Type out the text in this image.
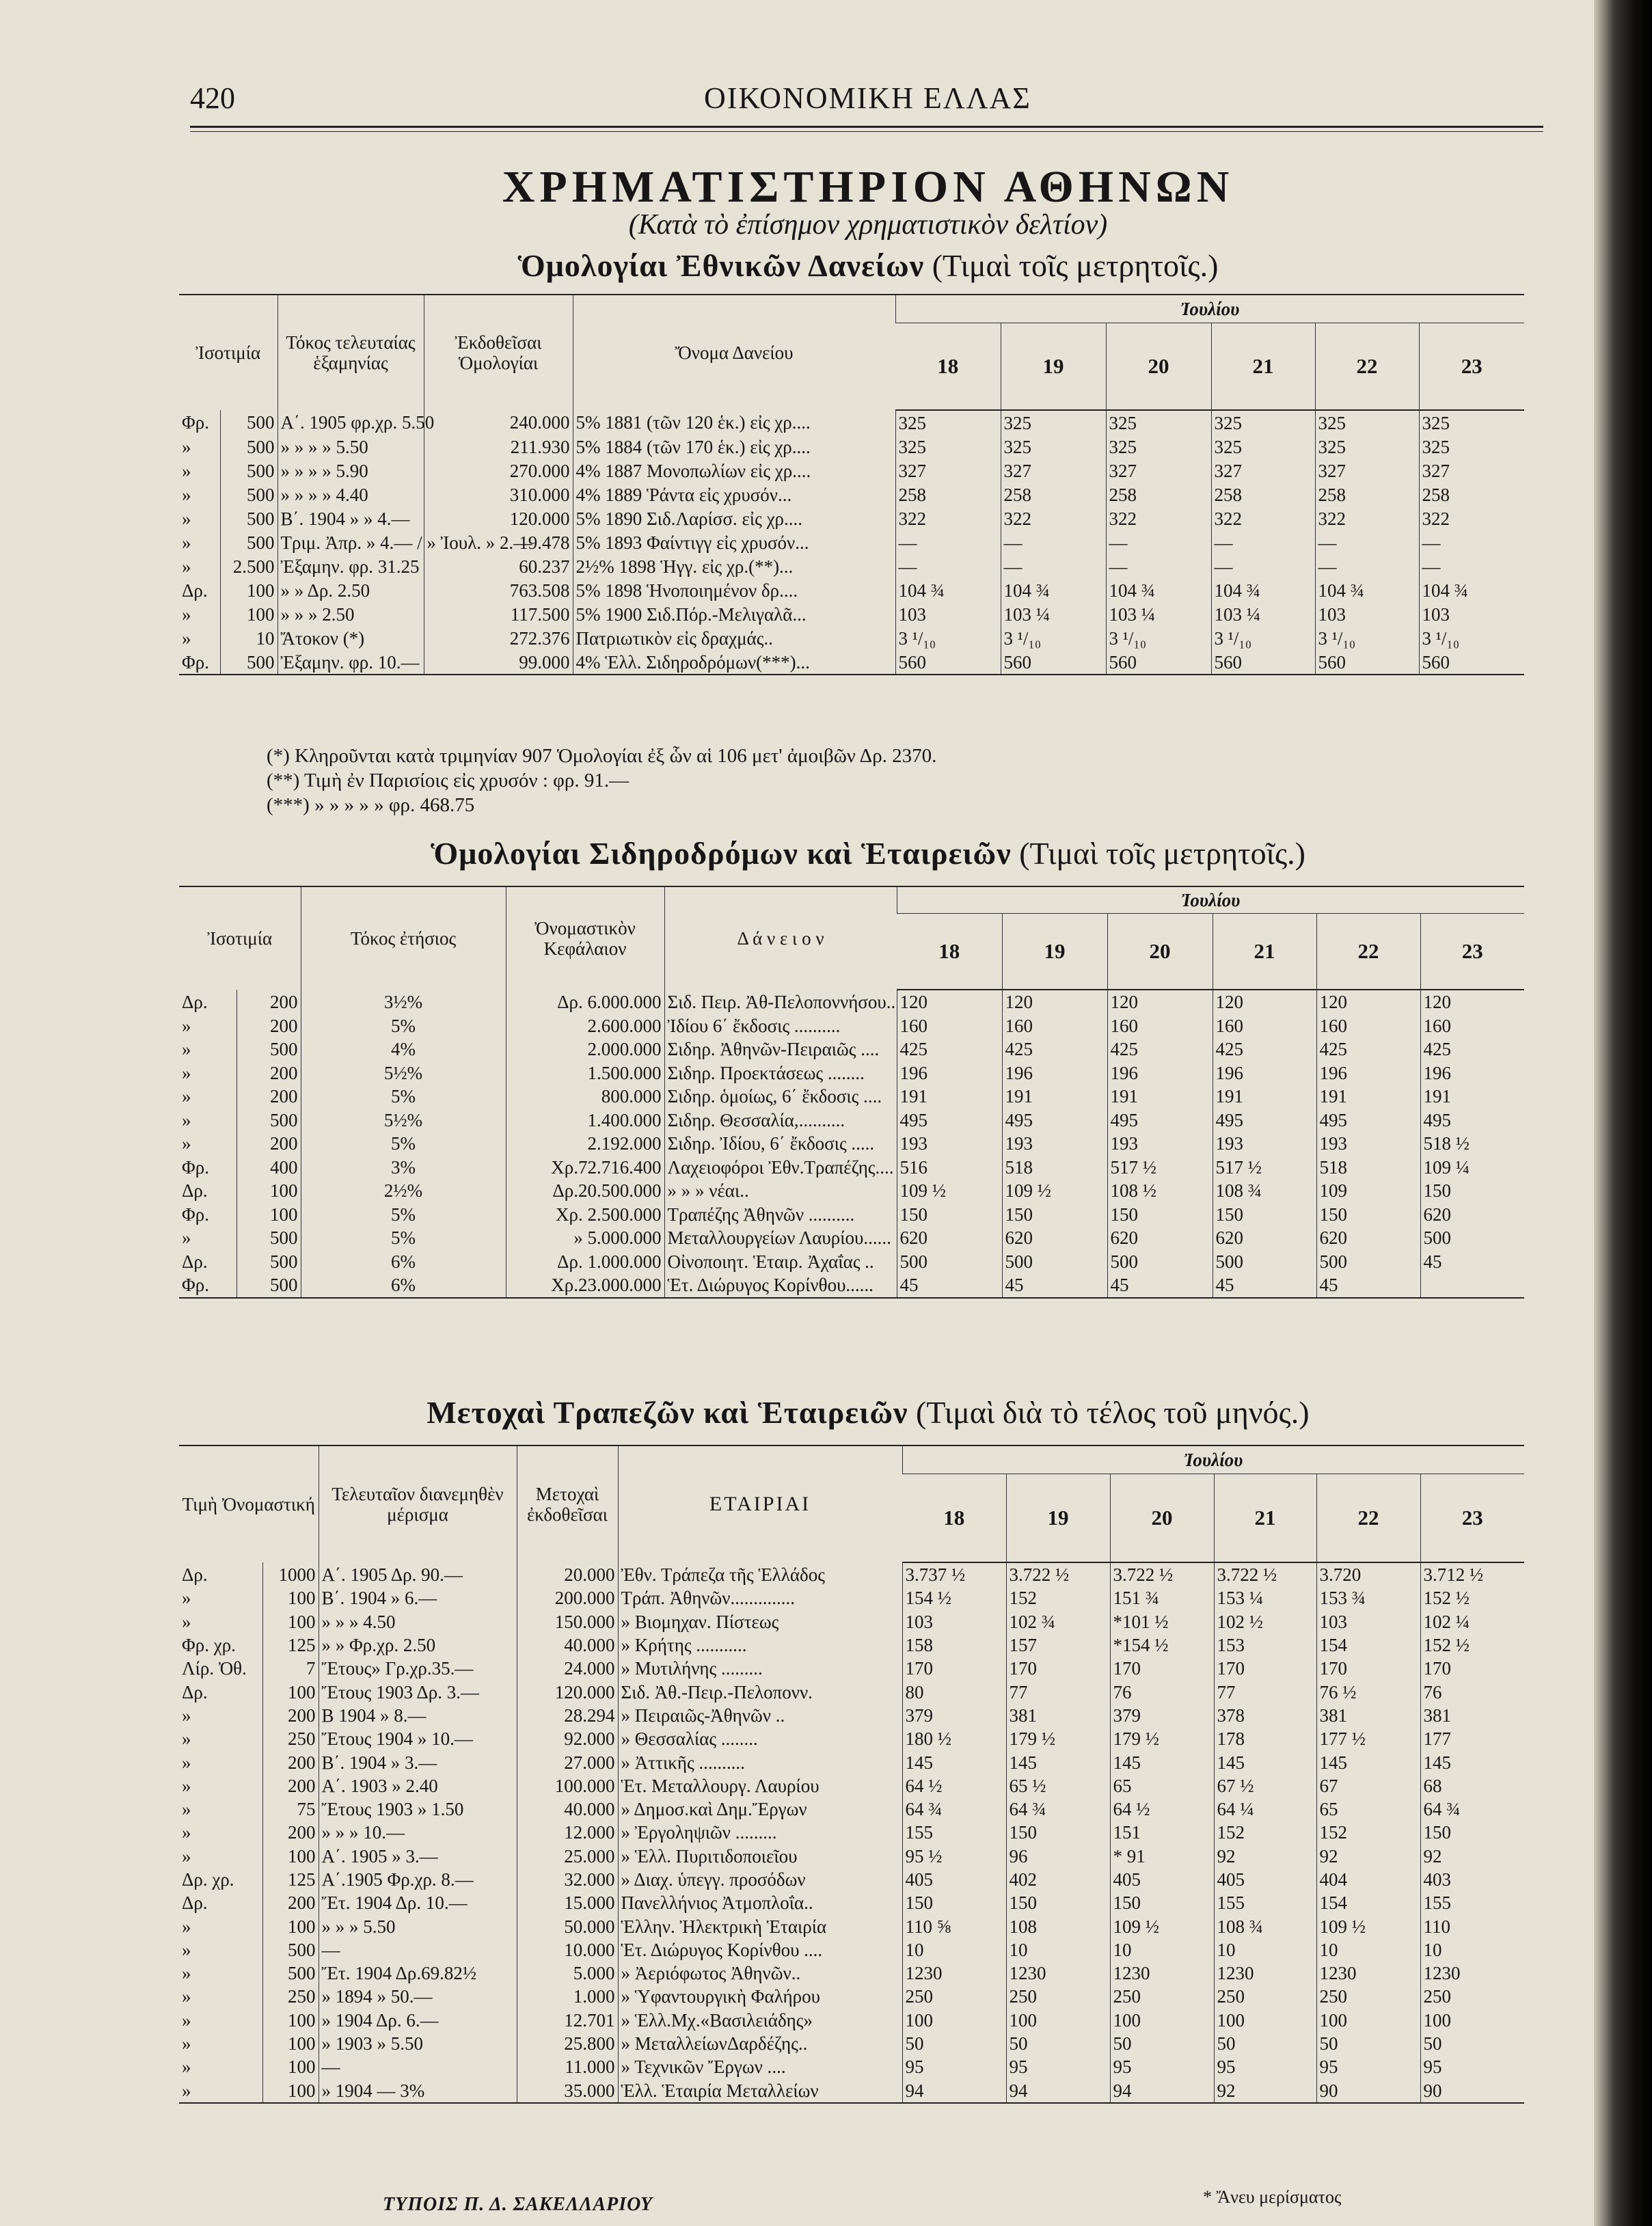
420	ΟΙΚΟΝΟΜΙΚΗ ΕΛΛΑΣ
ΧΡΗΜΑΤΙΣΤΗΡΙΟΝ ΑΘΗΝΩΝ
(Κατὰ τὸ ἐπίσημον χρηματιστικὸν δελτίον)
Ὁμολογίαι Ἐθνικῶν Δανείων (Τιμαὶ τοῖς μετρητοῖς.)
Ἰσοτιμία		Τόκος τελευταίας ἑξαμηνίας	Ἐκδοθεῖσαι Ὁμολογίαι	Ὄνομα Δανείου	Ἰουλίου					
					18	19	20	21	22	23
Φρ.	500	Α΄. 1905 φρ.χρ. 5.50	240.000	5% 1881 (τῶν 120 ἑκ.) εἰς χρ....	325	325	325	325	325	325
»	500	» » » » 5.50	211.930	5% 1884 (τῶν 170 ἑκ.) εἰς χρ....	325	325	325	325	325	325
»	500	» » » » 5.90	270.000	4% 1887 Μονοπωλίων εἰς χρ....	327	327	327	327	327	327
»	500	» » » » 4.40	310.000	4% 1889 Ῥάντα εἰς χρυσόν...	258	258	258	258	258	258
»	500	Β΄. 1904 » » 4.—	120.000	5% 1890 Σιδ.Λαρίσσ. εἰς χρ....	322	322	322	322	322	322
»	500	Τριμ. Ἀπρ. » 4.— / » Ἰουλ. » 2.—	19.478	5% 1893 Φαίντιγγ εἰς χρυσόν...	—	—	—	—	—	—
»	2.500	Ἐξαμην. φρ. 31.25	60.237	2½% 1898 Ἡγγ. εἰς χρ.(**)...	—	—	—	—	—	—
Δρ.	100	» » Δρ. 2.50	763.508	5% 1898 Ἡνοποιημένον δρ....	104 ¾	104 ¾	104 ¾	104 ¾	104 ¾	104 ¾
»	100	» » » 2.50	117.500	5% 1900 Σιδ.Πόρ.-Μελιγαλᾶ...	103	103 ¼	103 ¼	103 ¼	103	103
»	10	Ἄτοκον (*)	272.376	Πατριωτικὸν εἰς δραχμάς..	3 ¹/₁₀	3 ¹/₁₀	3 ¹/₁₀	3 ¹/₁₀	3 ¹/₁₀	3 ¹/₁₀
Φρ.	500	Ἐξαμην. φρ. 10.—	99.000	4% Ἑλλ. Σιδηροδρόμων(***)...	560	560	560	560	560	560
(*) Κληροῦνται κατὰ τριμηνίαν 907 Ὁμολογίαι ἐξ ὧν αἱ 106 μετ' ἀμοιβῶν Δρ. 2370.
(**) Τιμὴ ἐν Παρισίοις εἰς χρυσόν : φρ. 91.—
(***) » » » » » φρ. 468.75
Ὁμολογίαι Σιδηροδρόμων καὶ Ἑταιρειῶν (Τιμαὶ τοῖς μετρητοῖς.)
Ἰσοτιμία		Τόκος ἐτήσιος	Ὀνομαστικὸν Κεφάλαιον	Δ ά ν ε ι ο ν	Ἰουλίου					
					18	19	20	21	22	23
Δρ.	200	3½%	Δρ. 6.000.000	Σιδ. Πειρ. Ἀθ-Πελοποννήσου..	120	120	120	120	120	120
»	200	5%	2.600.000	Ἰδίου 6΄ ἔκδοσις ..........	160	160	160	160	160	160
»	500	4%	2.000.000	Σιδηρ. Ἀθηνῶν-Πειραιῶς ....	425	425	425	425	425	425
»	200	5½%	1.500.000	Σιδηρ. Προεκτάσεως ........	196	196	196	196	196	196
»	200	5%	800.000	Σιδηρ. ὁμοίως, 6΄ ἔκδοσις ....	191	191	191	191	191	191
»	500	5½%	1.400.000	Σιδηρ. Θεσσαλία,..........	495	495	495	495	495	495
»	200	5%	2.192.000	Σιδηρ. Ἰδίου, 6΄ ἔκδοσις .....	193	193	193	193	193	518 ½
Φρ.	400	3%	Χρ.72.716.400	Λαχειοφόροι Ἐθν.Τραπέζης....	516	518	517 ½	517 ½	518	109 ¼
Δρ.	100	2½%	Δρ.20.500.000	» » » νέαι..	109 ½	109 ½	108 ½	108 ¾	109	150
Φρ.	100	5%	Χρ. 2.500.000	Τραπέζης Ἀθηνῶν ..........	150	150	150	150	150	620
»	500	5%	» 5.000.000	Μεταλλουργείων Λαυρίου......	620	620	620	620	620	500
Δρ.	500	6%	Δρ. 1.000.000	Οἰνοποιητ. Ἑταιρ. Ἀχαΐας ..	500	500	500	500	500	45
Φρ.	500	6%	Χρ.23.000.000	Ἑτ. Διώρυγος Κορίνθου......	45	45	45	45	45	
Μετοχαὶ Τραπεζῶν καὶ Ἑταιρειῶν (Τιμαὶ διὰ τὸ τέλος τοῦ μηνός.)
Τιμὴ Ὀνομαστική		Τελευταῖον διανεμηθὲν μέρισμα	Μετοχαὶ ἐκδοθεῖσαι	ΕΤΑΙΡΙΑΙ	Ἰουλίου					
					18	19	20	21	22	23
Δρ.	1000	Α΄. 1905 Δρ. 90.—	20.000	Ἐθν. Τράπεζα τῆς Ἑλλάδος	3.737 ½	3.722 ½	3.722 ½	3.722 ½	3.720	3.712 ½
»	100	Β΄. 1904 » 6.—	200.000	Τράπ. Ἀθηνῶν..............	154 ½	152	151 ¾	153 ¼	153 ¾	152 ½
»	100	» » » 4.50	150.000	» Βιομηχαν. Πίστεως	103	102 ¾	*101 ½	102 ½	103	102 ¼
Φρ. χρ.	125	» » Φρ.χρ. 2.50	40.000	» Κρήτης ...........	158	157	*154 ½	153	154	152 ½
Λίρ. Ὀθ.	7	Ἔτους» Γρ.χρ.35.—	24.000	» Μυτιλήνης .........	170	170	170	170	170	170
Δρ.	100	Ἔτους 1903 Δρ. 3.—	120.000	Σιδ. Ἀθ.-Πειρ.-Πελοπονν.	80	77	76	77	76 ½	76
»	200	Β 1904 » 8.—	28.294	» Πειραιῶς-Ἀθηνῶν ..	379	381	379	378	381	381
»	250	Ἔτους 1904 » 10.—	92.000	» Θεσσαλίας ........	180 ½	179 ½	179 ½	178	177 ½	177
»	200	Β΄. 1904 » 3.—	27.000	» Ἀττικῆς ..........	145	145	145	145	145	145
»	200	Α΄. 1903 » 2.40	100.000	Ἑτ. Μεταλλουργ. Λαυρίου	64 ½	65 ½	65	67 ½	67	68
»	75	Ἔτους 1903 » 1.50	40.000	» Δημοσ.καὶ Δημ.Ἔργων	64 ¾	64 ¾	64 ½	64 ¼	65	64 ¾
»	200	» » » 10.—	12.000	» Ἐργοληψιῶν .........	155	150	151	152	152	150
»	100	Α΄. 1905 » 3.—	25.000	» Ἑλλ. Πυριτιδοποιεῖου	95 ½	96	* 91	92	92	92
Δρ. χρ.	125	Α΄.1905 Φρ.χρ. 8.—	32.000	» Διαχ. ὑπεγγ. προσόδων	405	402	405	405	404	403
Δρ.	200	Ἔτ. 1904 Δρ. 10.—	15.000	Πανελλήνιος Ἀτμοπλοΐα..	150	150	150	155	154	155
»	100	» » » 5.50	50.000	Ἑλλην. Ἠλεκτρικὴ Ἑταιρία	110 ⅝	108	109 ½	108 ¾	109 ½	110
»	500	—	10.000	Ἑτ. Διώρυγος Κορίνθου ....	10	10	10	10	10	10
»	500	Ἔτ. 1904 Δρ.69.82½	5.000	» Ἀεριόφωτος Ἀθηνῶν..	1230	1230	1230	1230	1230	1230
»	250	» 1894 » 50.—	1.000	» Ὑφαντουργικὴ Φαλήρου	250	250	250	250	250	250
»	100	» 1904 Δρ. 6.—	12.701	» Ἑλλ.Μχ.«Βασιλειάδης»	100	100	100	100	100	100
»	100	» 1903 » 5.50	25.800	» ΜεταλλείωνΔαρδέζης..	50	50	50	50	50	50
»	100	—	11.000	» Τεχνικῶν Ἔργων ....	95	95	95	95	95	95
»	100	» 1904 — 3%	35.000	Ἑλλ. Ἑταιρία Μεταλλείων	94	94	94	92	90	90
ΤΥΠΟΙΣ Π. Δ. ΣΑΚΕΛΛΑΡΙΟΥ	* Ἄνευ μερίσματος
